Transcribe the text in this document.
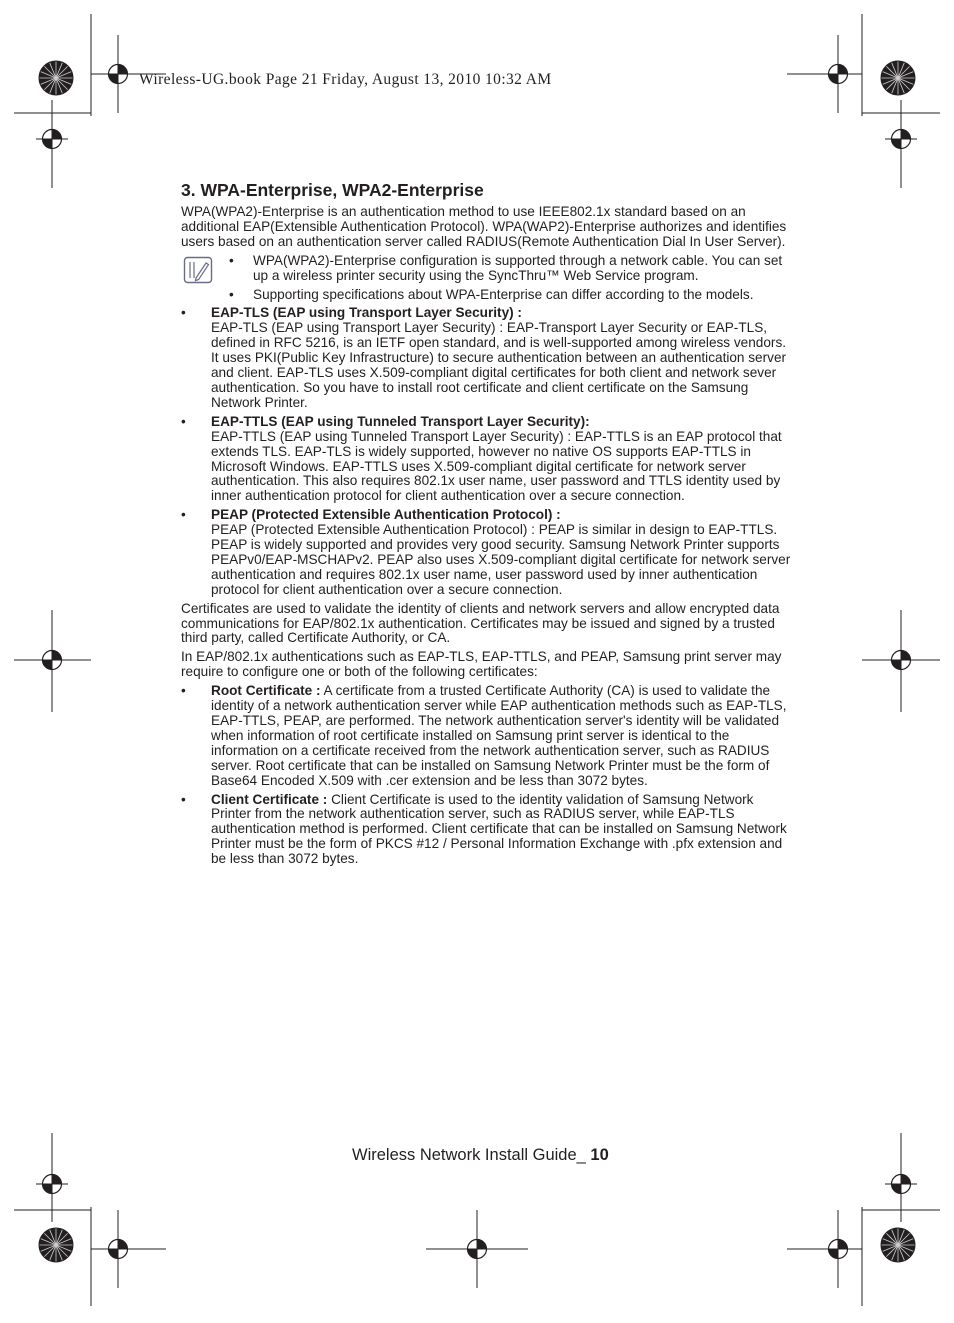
Wireless-UG.book Page 21 Friday, August 13, 2010 10:32 AM
3. WPA-Enterprise, WPA2-Enterprise

WPA(WPA2)-Enterprise is an authentication method to use IEEE802.1x standard based on an additional EAP(Extensible Authentication Protocol). WPA(WAP2)-Enterprise authorizes and identifies users based on an authentication server called RADIUS(Remote Authentication Dial In User Server).

• WPA(WPA2)-Enterprise configuration is supported through a network cable. You can set up a wireless printer security using the SyncThru™ Web Service program.
• Supporting specifications about WPA-Enterprise can differ according to the models.
• EAP-TLS (EAP using Transport Layer Security) :
EAP-TLS (EAP using Transport Layer Security) : EAP-Transport Layer Security or EAP-TLS, defined in RFC 5216, is an IETF open standard, and is well-supported among wireless vendors. It uses PKI(Public Key Infrastructure) to secure authentication between an authentication server and client. EAP-TLS uses X.509-compliant digital certificates for both client and network sever authentication. So you have to install root certificate and client certificate on the Samsung Network Printer.
• EAP-TTLS (EAP using Tunneled Transport Layer Security):
EAP-TTLS (EAP using Tunneled Transport Layer Security) : EAP-TTLS is an EAP protocol that extends TLS. EAP-TLS is widely supported, however no native OS supports EAP-TTLS in Microsoft Windows. EAP-TTLS uses X.509-compliant digital certificate for network server authentication. This also requires 802.1x user name, user password and TTLS identity used by inner authentication protocol for client authentication over a secure connection.
• PEAP (Protected Extensible Authentication Protocol) :
PEAP (Protected Extensible Authentication Protocol) : PEAP is similar in design to EAP-TTLS. PEAP is widely supported and provides very good security. Samsung Network Printer supports PEAPv0/EAP-MSCHAPv2. PEAP also uses X.509-compliant digital certificate for network server authentication and requires 802.1x user name, user password used by inner authentication protocol for client authentication over a secure connection.

Certificates are used to validate the identity of clients and network servers and allow encrypted data communications for EAP/802.1x authentication. Certificates may be issued and signed by a trusted third party, called Certificate Authority, or CA.

In EAP/802.1x authentications such as EAP-TLS, EAP-TTLS, and PEAP, Samsung print server may require to configure one or both of the following certificates:

• Root Certificate : A certificate from a trusted Certificate Authority (CA) is used to validate the identity of a network authentication server while EAP authentication methods such as EAP-TLS, EAP-TTLS, PEAP, are performed. The network authentication server's identity will be validated when information of root certificate installed on Samsung print server is identical to the information on a certificate received from the network authentication server, such as RADIUS server. Root certificate that can be installed on Samsung Network Printer must be the form of Base64 Encoded X.509 with .cer extension and be less than 3072 bytes.
• Client Certificate : Client Certificate is used to the identity validation of Samsung Network Printer from the network authentication server, such as RADIUS server, while EAP-TLS authentication method is performed. Client certificate that can be installed on Samsung Network Printer must be the form of PKCS #12 / Personal Information Exchange with .pfx extension and be less than 3072 bytes.
Wireless Network Install Guide_ 10
